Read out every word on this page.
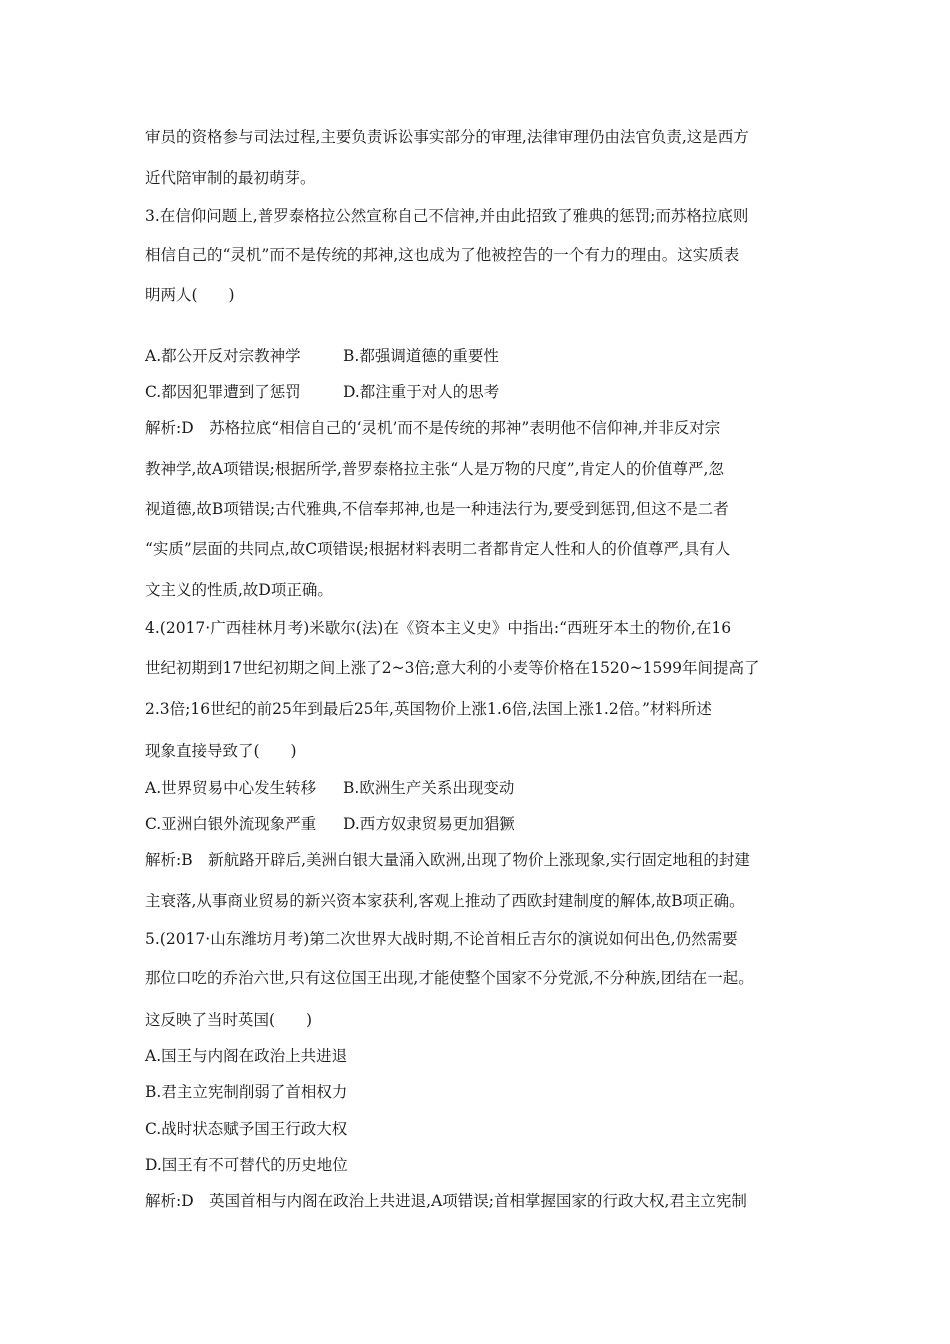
审员的资格参与司法过程,主要负责诉讼事实部分的审理,法律审理仍由法官负责,这是西方
近代陪审制的最初萌芽。
3.在信仰问题上,普罗泰格拉公然宣称自己不信神,并由此招致了雅典的惩罚;而苏格拉底则
相信自己的“灵机”而不是传统的邦神,这也成为了他被控告的一个有力的理由。这实质表
明两人(　　)
A.都公开反对宗教神学	B.都强调道德的重要性
C.都因犯罪遭到了惩罚	D.都注重于对人的思考
解析:D　苏格拉底“相信自己的‘灵机’而不是传统的邦神”表明他不信仰神,并非反对宗
教神学,故A项错误;根据所学,普罗泰格拉主张“人是万物的尺度”,肯定人的价值尊严,忽
视道德,故B项错误;古代雅典,不信奉邦神,也是一种违法行为,要受到惩罚,但这不是二者
“实质”层面的共同点,故C项错误;根据材料表明二者都肯定人性和人的价值尊严,具有人
文主义的性质,故D项正确。
4.(2017·广西桂林月考)米歇尔(法)在《资本主义史》中指出:“西班牙本土的物价,在16
世纪初期到17世纪初期之间上涨了2~3倍;意大利的小麦等价格在1520~1599年间提高了
2.3倍;16世纪的前25年到最后25年,英国物价上涨1.6倍,法国上涨1.2倍。”材料所述
现象直接导致了(　　)
A.世界贸易中心发生转移 B.欧洲生产关系出现变动
C.亚洲白银外流现象严重 D.西方奴隶贸易更加猖獗
解析:B　新航路开辟后,美洲白银大量涌入欧洲,出现了物价上涨现象,实行固定地租的封建
主衰落,从事商业贸易的新兴资本家获利,客观上推动了西欧封建制度的解体,故B项正确。
5.(2017·山东潍坊月考)第二次世界大战时期,不论首相丘吉尔的演说如何出色,仍然需要
那位口吃的乔治六世,只有这位国王出现,才能使整个国家不分党派,不分种族,团结在一起。
这反映了当时英国(　　)
A.国王与内阁在政治上共进退
B.君主立宪制削弱了首相权力
C.战时状态赋予国王行政大权
D.国王有不可替代的历史地位
解析:D　英国首相与内阁在政治上共进退,A项错误;首相掌握国家的行政大权,君主立宪制
